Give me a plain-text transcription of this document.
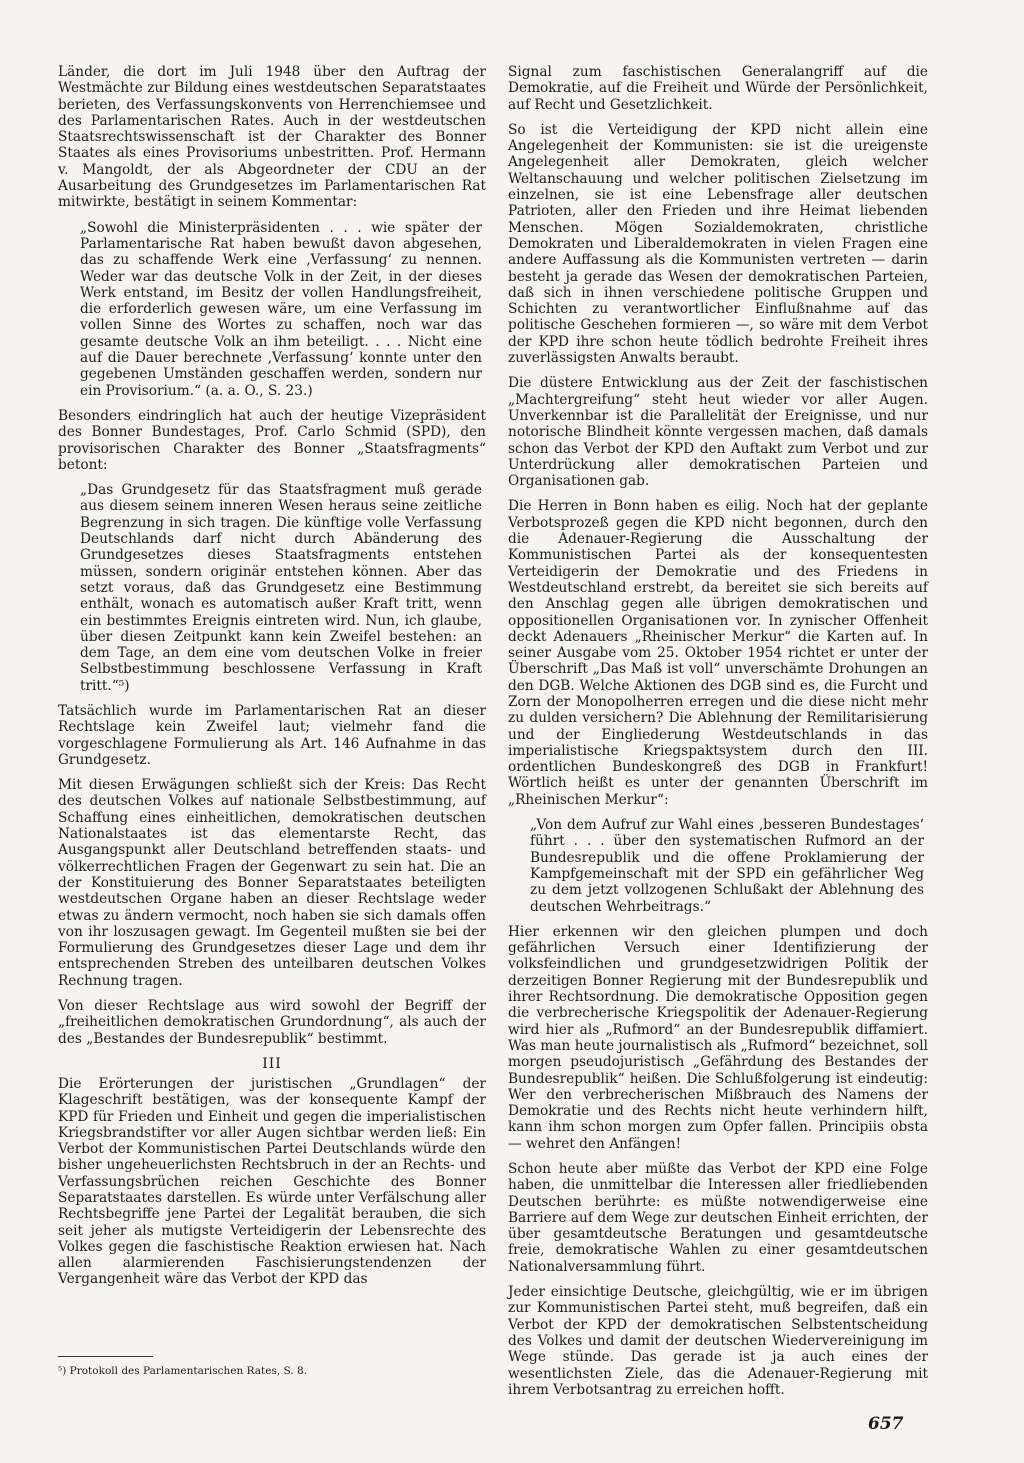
Länder, die dort im Juli 1948 über den Auftrag der Westmächte zur Bildung eines westdeutschen Separatstaates berieten, des Verfassungskonvents von Herrenchiemsee und des Parlamentarischen Rates. Auch in der westdeutschen Staatsrechtswissenschaft ist der Charakter des Bonner Staates als eines Provisoriums unbestritten. Prof. Hermann v. Mangoldt, der als Abgeordneter der CDU an der Ausarbeitung des Grundgesetzes im Parlamentarischen Rat mitwirkte, bestätigt in seinem Kommentar:

„Sowohl die Ministerpräsidenten . . . wie später der Parlamentarische Rat haben bewußt davon abgesehen, das zu schaffende Werk eine ‚Verfassung‘ zu nennen. Weder war das deutsche Volk in der Zeit, in der dieses Werk entstand, im Besitz der vollen Handlungsfreiheit, die erforderlich gewesen wäre, um eine Verfassung im vollen Sinne des Wortes zu schaffen, noch war das gesamte deutsche Volk an ihm beteiligt. . . . Nicht eine auf die Dauer berechnete ‚Verfassung‘ konnte unter den gegebenen Umständen geschaffen werden, sondern nur ein Provisorium.“ (a. a. O., S. 23.)

Besonders eindringlich hat auch der heutige Vizepräsident des Bonner Bundestages, Prof. Carlo Schmid (SPD), den provisorischen Charakter des Bonner „Staatsfragments“ betont:

„Das Grundgesetz für das Staatsfragment muß gerade aus diesem seinem inneren Wesen heraus seine zeitliche Begrenzung in sich tragen. Die künftige volle Verfassung Deutschlands darf nicht durch Abänderung des Grundgesetzes dieses Staatsfragments entstehen müssen, sondern originär entstehen können. Aber das setzt voraus, daß das Grundgesetz eine Bestimmung enthält, wonach es automatisch außer Kraft tritt, wenn ein bestimmtes Ereignis eintreten wird. Nun, ich glaube, über diesen Zeitpunkt kann kein Zweifel bestehen: an dem Tage, an dem eine vom deutschen Volke in freier Selbstbestimmung beschlossene Verfassung in Kraft tritt.“⁵)

Tatsächlich wurde im Parlamentarischen Rat an dieser Rechtslage kein Zweifel laut; vielmehr fand die vorgeschlagene Formulierung als Art. 146 Aufnahme in das Grundgesetz.

Mit diesen Erwägungen schließt sich der Kreis: Das Recht des deutschen Volkes auf nationale Selbstbestimmung, auf Schaffung eines einheitlichen, demokratischen deutschen Nationalstaates ist das elementarste Recht, das Ausgangspunkt aller Deutschland betreffenden staats- und völkerrechtlichen Fragen der Gegenwart zu sein hat. Die an der Konstituierung des Bonner Separatstaates beteiligten westdeutschen Organe haben an dieser Rechtslage weder etwas zu ändern vermocht, noch haben sie sich damals offen von ihr loszusagen gewagt. Im Gegenteil mußten sie bei der Formulierung des Grundgesetzes dieser Lage und dem ihr entsprechenden Streben des unteilbaren deutschen Volkes Rechnung tragen.

Von dieser Rechtslage aus wird sowohl der Begriff der „freiheitlichen demokratischen Grundordnung“, als auch der des „Bestandes der Bundesrepublik“ bestimmt.

III

Die Erörterungen der juristischen „Grundlagen“ der Klageschrift bestätigen, was der konsequente Kampf der KPD für Frieden und Einheit und gegen die imperialistischen Kriegsbrandstifter vor aller Augen sichtbar werden ließ: Ein Verbot der Kommunistischen Partei Deutschlands würde den bisher ungeheuerlichsten Rechtsbruch in der an Rechts- und Verfassungsbrüchen reichen Geschichte des Bonner Separatstaates darstellen. Es würde unter Verfälschung aller Rechtsbegriffe jene Partei der Legalität berauben, die sich seit jeher als mutigste Verteidigerin der Lebensrechte des Volkes gegen die faschistische Reaktion erwiesen hat. Nach allen alarmierenden Faschisierungstendenzen der Vergangenheit wäre das Verbot der KPD das

Signal zum faschistischen Generalangriff auf die Demokratie, auf die Freiheit und Würde der Persönlichkeit, auf Recht und Gesetzlichkeit.

So ist die Verteidigung der KPD nicht allein eine Angelegenheit der Kommunisten: sie ist die ureigenste Angelegenheit aller Demokraten, gleich welcher Weltanschauung und welcher politischen Zielsetzung im einzelnen, sie ist eine Lebensfrage aller deutschen Patrioten, aller den Frieden und ihre Heimat liebenden Menschen. Mögen Sozialdemokraten, christliche Demokraten und Liberaldemokraten in vielen Fragen eine andere Auffassung als die Kommunisten vertreten — darin besteht ja gerade das Wesen der demokratischen Parteien, daß sich in ihnen verschiedene politische Gruppen und Schichten zu verantwortlicher Einflußnahme auf das politische Geschehen formieren —, so wäre mit dem Verbot der KPD ihre schon heute tödlich bedrohte Freiheit ihres zuverlässigsten Anwalts beraubt.

Die düstere Entwicklung aus der Zeit der faschistischen „Machtergreifung“ steht heut wieder vor aller Augen. Unverkennbar ist die Parallelität der Ereignisse, und nur notorische Blindheit könnte vergessen machen, daß damals schon das Verbot der KPD den Auftakt zum Verbot und zur Unterdrückung aller demokratischen Parteien und Organisationen gab.

Die Herren in Bonn haben es eilig. Noch hat der geplante Verbotsprozeß gegen die KPD nicht begonnen, durch den die Adenauer-Regierung die Ausschaltung der Kommunistischen Partei als der konsequentesten Verteidigerin der Demokratie und des Friedens in Westdeutschland erstrebt, da bereitet sie sich bereits auf den Anschlag gegen alle übrigen demokratischen und oppositionellen Organisationen vor. In zynischer Offenheit deckt Adenauers „Rheinischer Merkur“ die Karten auf. In seiner Ausgabe vom 25. Oktober 1954 richtet er unter der Überschrift „Das Maß ist voll“ unverschämte Drohungen an den DGB. Welche Aktionen des DGB sind es, die Furcht und Zorn der Monopolherren erregen und die diese nicht mehr zu dulden versichern? Die Ablehnung der Remilitarisierung und der Eingliederung Westdeutschlands in das imperialistische Kriegspaktsystem durch den III. ordentlichen Bundeskongreß des DGB in Frankfurt! Wörtlich heißt es unter der genannten Überschrift im „Rheinischen Merkur“:

„Von dem Aufruf zur Wahl eines ‚besseren Bundestages‘ führt . . . über den systematischen Rufmord an der Bundesrepublik und die offene Proklamierung der Kampfgemeinschaft mit der SPD ein gefährlicher Weg zu dem jetzt vollzogenen Schlußakt der Ablehnung des deutschen Wehrbeitrags.“

Hier erkennen wir den gleichen plumpen und doch gefährlichen Versuch einer Identifizierung der volksfeindlichen und grundgesetzwidrigen Politik der derzeitigen Bonner Regierung mit der Bundesrepublik und ihrer Rechtsordnung. Die demokratische Opposition gegen die verbrecherische Kriegspolitik der Adenauer-Regierung wird hier als „Rufmord“ an der Bundesrepublik diffamiert. Was man heute journalistisch als „Rufmord“ bezeichnet, soll morgen pseudojuristisch „Gefährdung des Bestandes der Bundesrepublik“ heißen. Die Schlußfolgerung ist eindeutig: Wer den verbrecherischen Mißbrauch des Namens der Demokratie und des Rechts nicht heute verhindern hilft, kann ihm schon morgen zum Opfer fallen. Principiis obsta — wehret den Anfängen!

Schon heute aber müßte das Verbot der KPD eine Folge haben, die unmittelbar die Interessen aller friedliebenden Deutschen berührte: es müßte notwendigerweise eine Barriere auf dem Wege zur deutschen Einheit errichten, der über gesamtdeutsche Beratungen und gesamtdeutsche freie, demokratische Wahlen zu einer gesamtdeutschen Nationalversammlung führt.

Jeder einsichtige Deutsche, gleichgültig, wie er im übrigen zur Kommunistischen Partei steht, muß begreifen, daß ein Verbot der KPD der demokratischen Selbstentscheidung des Volkes und damit der deutschen Wiedervereinigung im Wege stünde. Das gerade ist ja auch eines der wesentlichsten Ziele, das die Adenauer-Regierung mit ihrem Verbotsantrag zu erreichen hofft.

⁵) Protokoll des Parlamentarischen Rates, S. 8.
657
